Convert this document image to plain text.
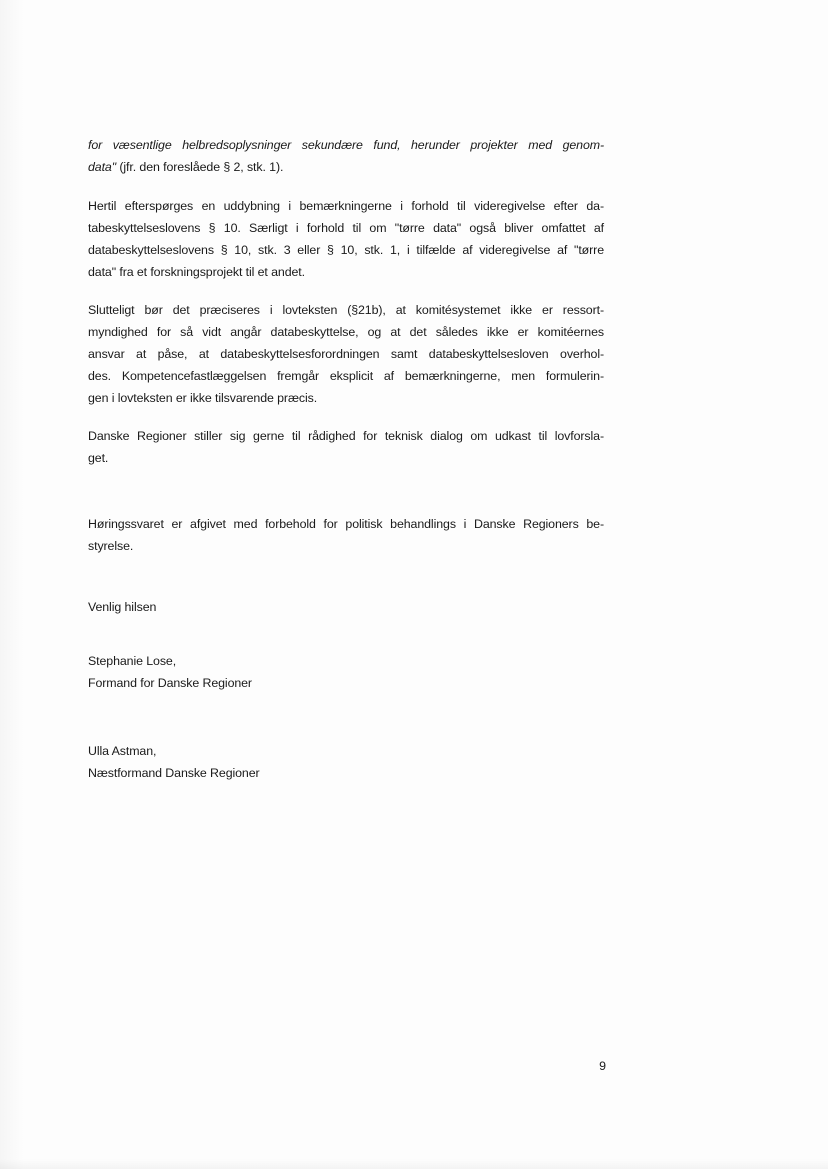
for væsentlige helbredsoplysninger sekundære fund, herunder projekter med genom-
data" (jfr. den foreslåede § 2, stk. 1).

Hertil efterspørges en uddybning i bemærkningerne i forhold til videregivelse efter da-
tabeskyttelseslovens § 10. Særligt i forhold til om "tørre data" også bliver omfattet af
databeskyttelseslovens § 10, stk. 3 eller § 10, stk. 1, i tilfælde af videregivelse af "tørre
data" fra et forskningsprojekt til et andet.

Slutteligt bør det præciseres i lovteksten (§21b), at komitésystemet ikke er ressort-
myndighed for så vidt angår databeskyttelse, og at det således ikke er komitéernes
ansvar at påse, at databeskyttelsesforordningen samt databeskyttelsesloven overhol-
des. Kompetencefastlæggelsen fremgår eksplicit af bemærkningerne, men formulerin-
gen i lovteksten er ikke tilsvarende præcis.

Danske Regioner stiller sig gerne til rådighed for teknisk dialog om udkast til lovforsla-
get.

Høringssvaret er afgivet med forbehold for politisk behandlings i Danske Regioners be-
styrelse.

Venlig hilsen

Stephanie Lose,
Formand for Danske Regioner

Ulla Astman,
Næstformand Danske Regioner

9
